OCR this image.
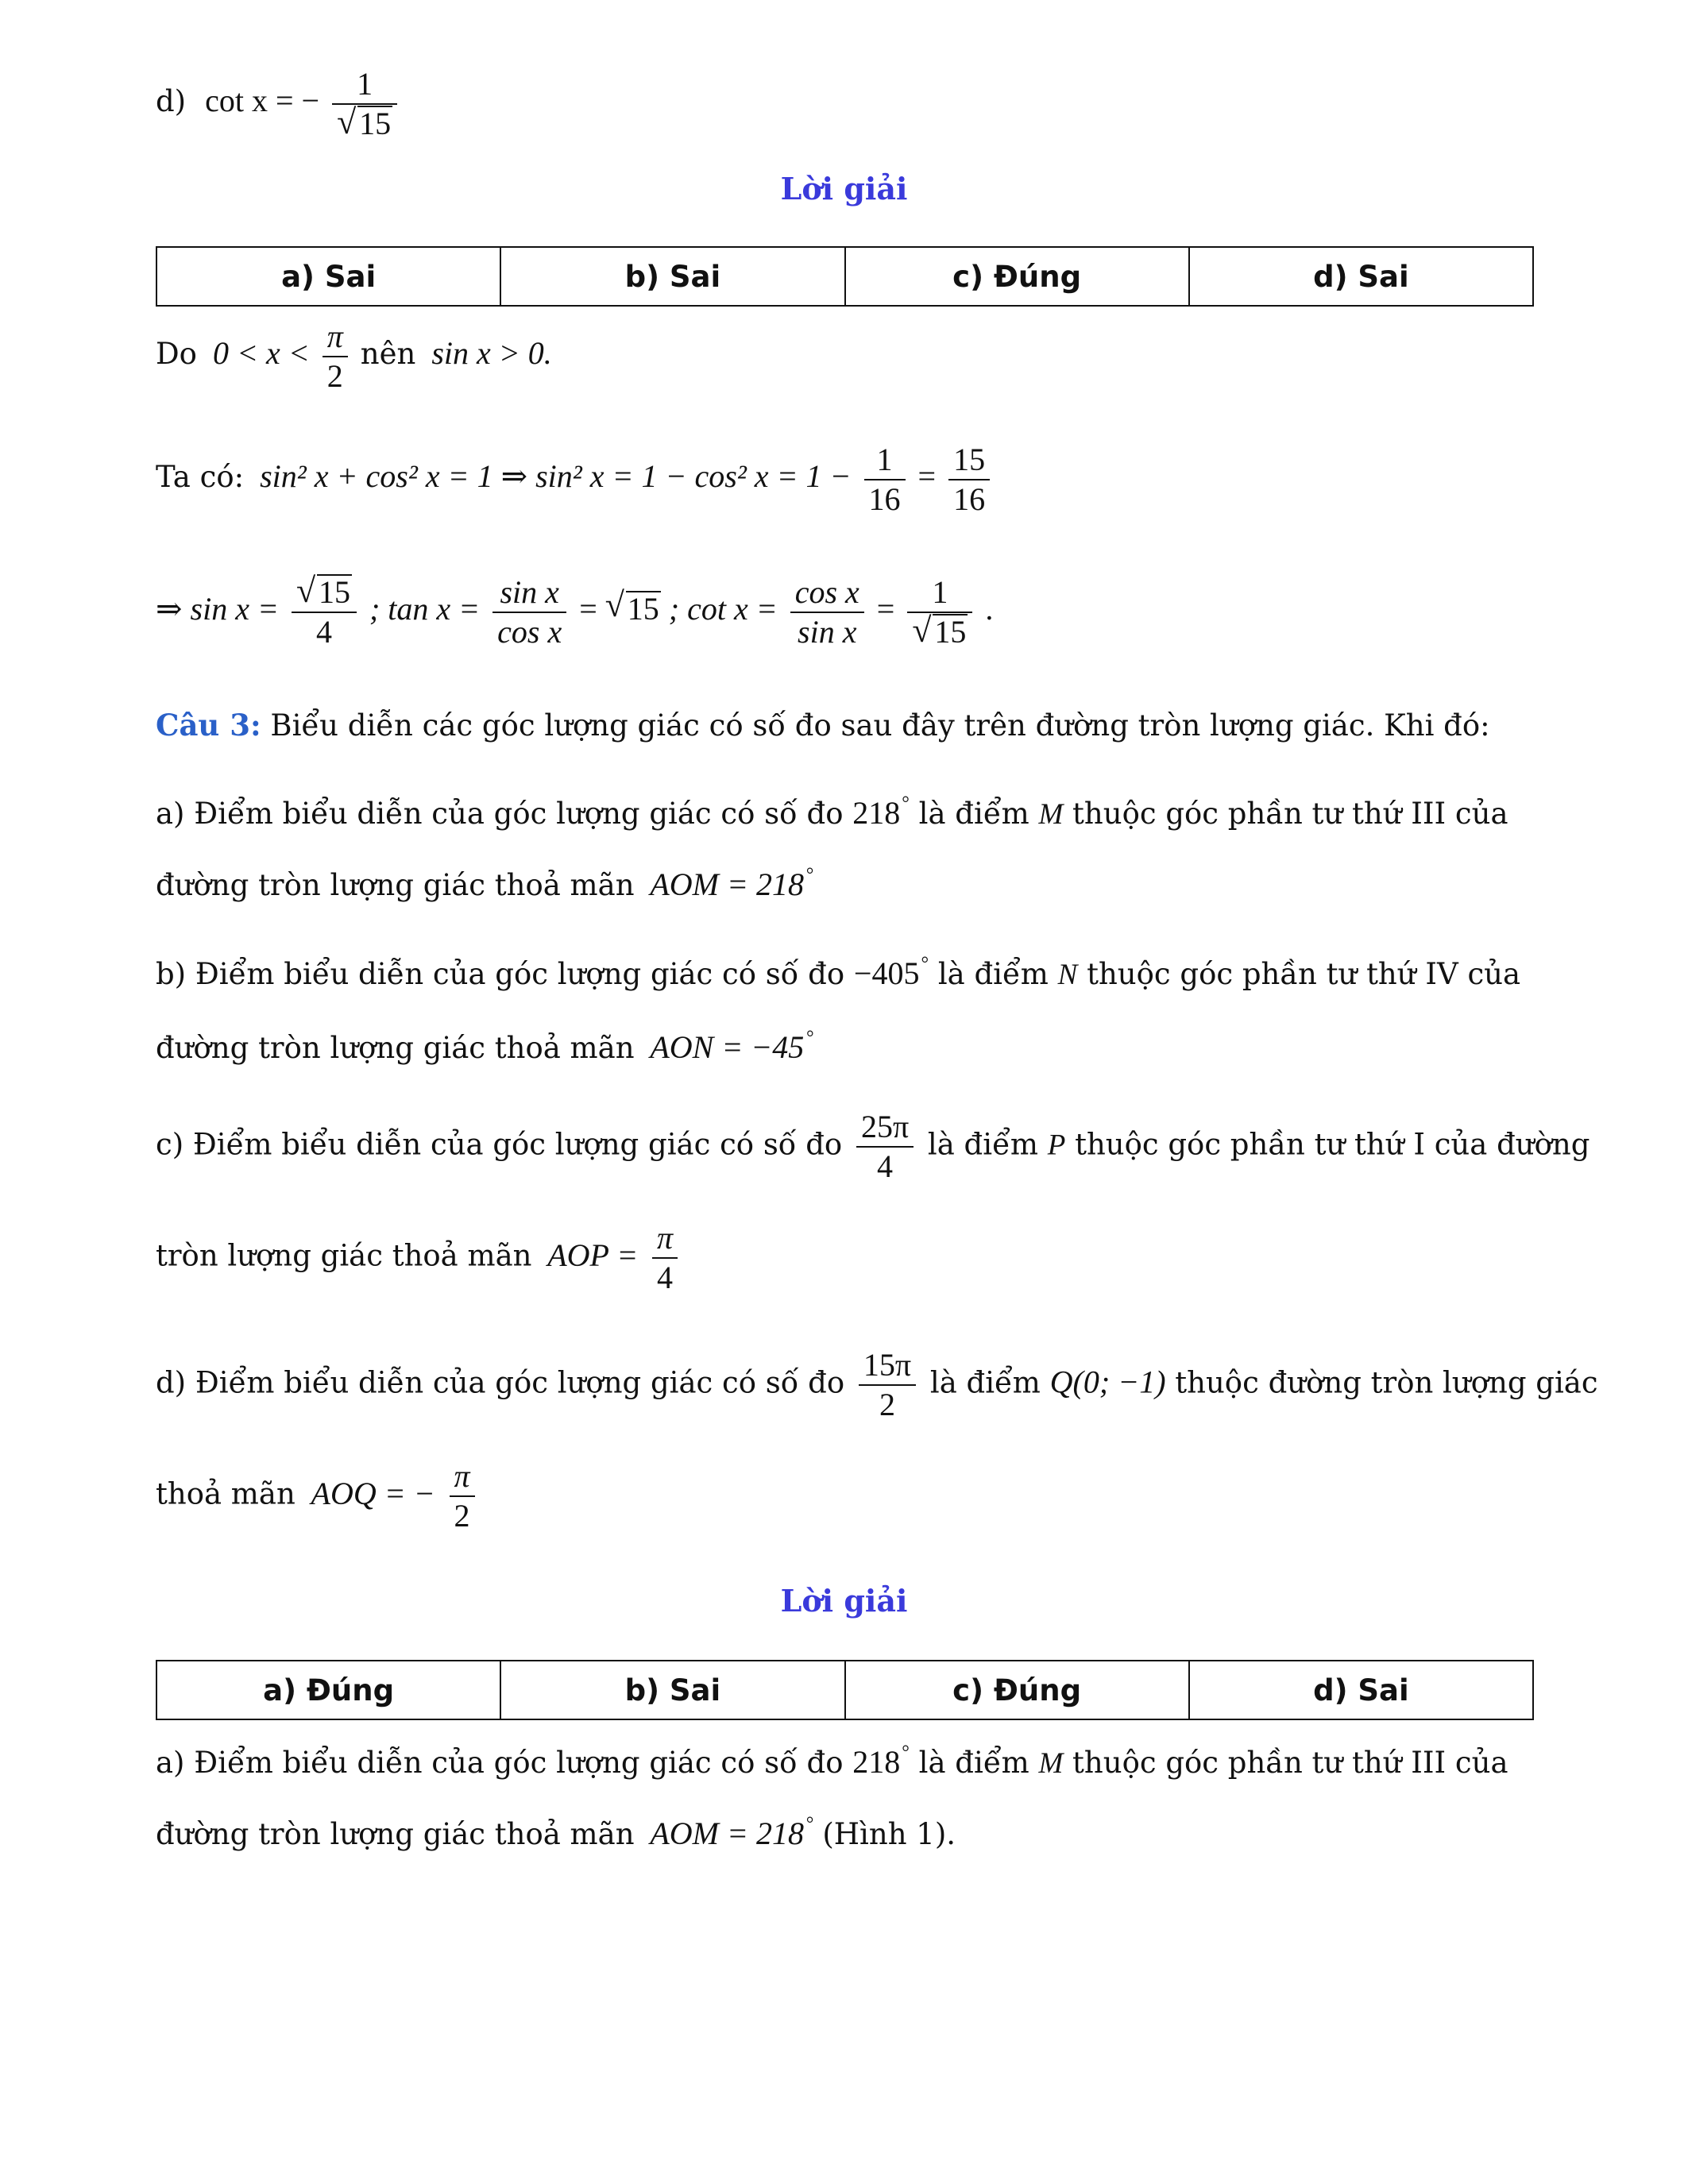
d) cot x = − 1
√ 15
Lời giải
a) Sai	b) Sai	c) Đúng	d) Sai
Do $0 < x < \frac{\pi}{2}$ nên sin x > 0.
Ta có: sin² x + cos² x = 1 ⇒ sin² x = 1 − cos² $x = 1 - \frac{1}{16} = \frac{15}{16}$
⇒ sin x = √ $\frac{15}{4}$ ; $\tan x = \frac{\text{sin x}}{\text{cos x}}$ = √ 15 ; $\cot x = \frac{\text{cos x}}{\text{sin x}} = 1$
√ 15 .
Câu 3: Biểu diễn các góc lượng giác có số đo sau đây trên đường tròn lượng giác. Khi đó:
a) Điểm biểu diễn của góc lượng giác có số đo 218° là điểm M thuộc góc phần tư thứ III của
đường tròn lượng giác thoả mãn AOM = 218°
b) Điểm biểu diễn của góc lượng giác có số đo −405° là điểm N thuộc góc phần tư thứ IV của
đường tròn lượng giác thoả mãn AON = −45°
c) Điểm biểu diễn của góc lượng giác có số đo $\frac{25\pi}{4}$ là điểm P thuộc góc phần tư thứ I của đường
tròn lượng giác thoả mãn AOP = $\frac{\pi}{4}$
d) Điểm biểu diễn của góc lượng giác có số đo $\frac{15\pi}{2}$ là điểm Q(0; −1) thuộc đường tròn lượng giác
thoả mãn AOQ = − $\frac{\pi}{2}$
Lời giải
a) Đúng	b) Sai	c) Đúng	d) Sai
a) Điểm biểu diễn của góc lượng giác có số đo 218° là điểm M thuộc góc phần tư thứ III của
đường tròn lượng giác thoả mãn AOM = 218° (Hình 1).
